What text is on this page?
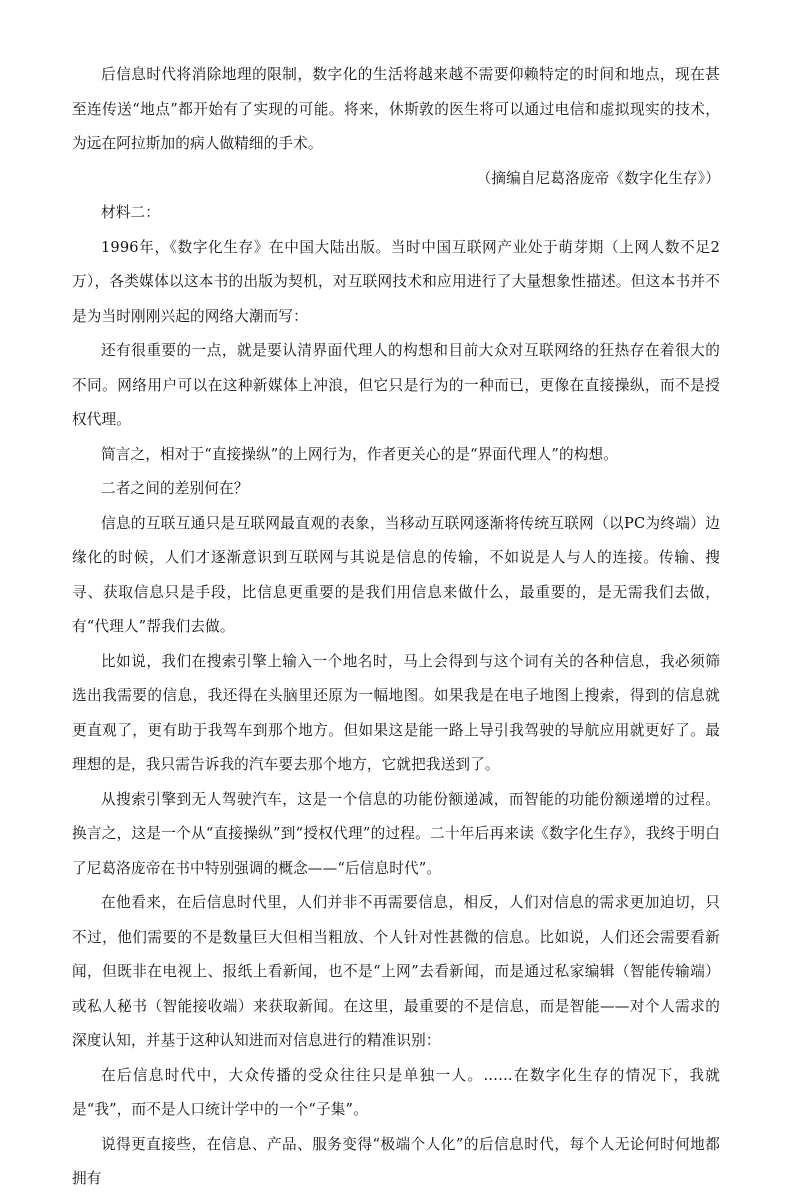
后信息时代将消除地理的限制，数字化的生活将越来越不需要仰赖特定的时间和地点，现在甚至连传送“地点”都开始有了实现的可能。将来，休斯敦的医生将可以通过电信和虚拟现实的技术，为远在阿拉斯加的病人做精细的手术。

（摘编自尼葛洛庞帝《数字化生存》）

材料二：

1996年，《数字化生存》在中国大陆出版。当时中国互联网产业处于萌芽期（上网人数不足2万），各类媒体以这本书的出版为契机，对互联网技术和应用进行了大量想象性描述。但这本书并不是为当时刚刚兴起的网络大潮而写：

还有很重要的一点，就是要认清界面代理人的构想和目前大众对互联网络的狂热存在着很大的不同。网络用户可以在这种新媒体上冲浪，但它只是行为的一种而已，更像在直接操纵，而不是授权代理。

简言之，相对于“直接操纵”的上网行为，作者更关心的是“界面代理人”的构想。

二者之间的差别何在？

信息的互联互通只是互联网最直观的表象，当移动互联网逐渐将传统互联网（以PC为终端）边缘化的时候，人们才逐渐意识到互联网与其说是信息的传输，不如说是人与人的连接。传输、搜寻、获取信息只是手段，比信息更重要的是我们用信息来做什么，最重要的，是无需我们去做，有“代理人”帮我们去做。

比如说，我们在搜索引擎上输入一个地名时，马上会得到与这个词有关的各种信息，我必须筛选出我需要的信息，我还得在头脑里还原为一幅地图。如果我是在电子地图上搜索，得到的信息就更直观了，更有助于我驾车到那个地方。但如果这是能一路上导引我驾驶的导航应用就更好了。最理想的是，我只需告诉我的汽车要去那个地方，它就把我送到了。

从搜索引擎到无人驾驶汽车，这是一个信息的功能份额递减，而智能的功能份额递增的过程。换言之，这是一个从“直接操纵”到“授权代理”的过程。二十年后再来读《数字化生存》，我终于明白了尼葛洛庞帝在书中特别强调的概念——“后信息时代”。

在他看来，在后信息时代里，人们并非不再需要信息，相反，人们对信息的需求更加迫切，只不过，他们需要的不是数量巨大但相当粗放、个人针对性甚微的信息。比如说，人们还会需要看新闻，但既非在电视上、报纸上看新闻，也不是“上网”去看新闻，而是通过私家编辑（智能传输端）或私人秘书（智能接收端）来获取新闻。在这里，最重要的不是信息，而是智能——对个人需求的深度认知，并基于这种认知进而对信息进行的精准识别：

在后信息时代中，大众传播的受众往往只是单独一人。……在数字化生存的情况下，我就是“我”，而不是人口统计学中的一个“子集”。

说得更直接些，在信息、产品、服务变得“极端个人化”的后信息时代，每个人无论何时何地都拥有
